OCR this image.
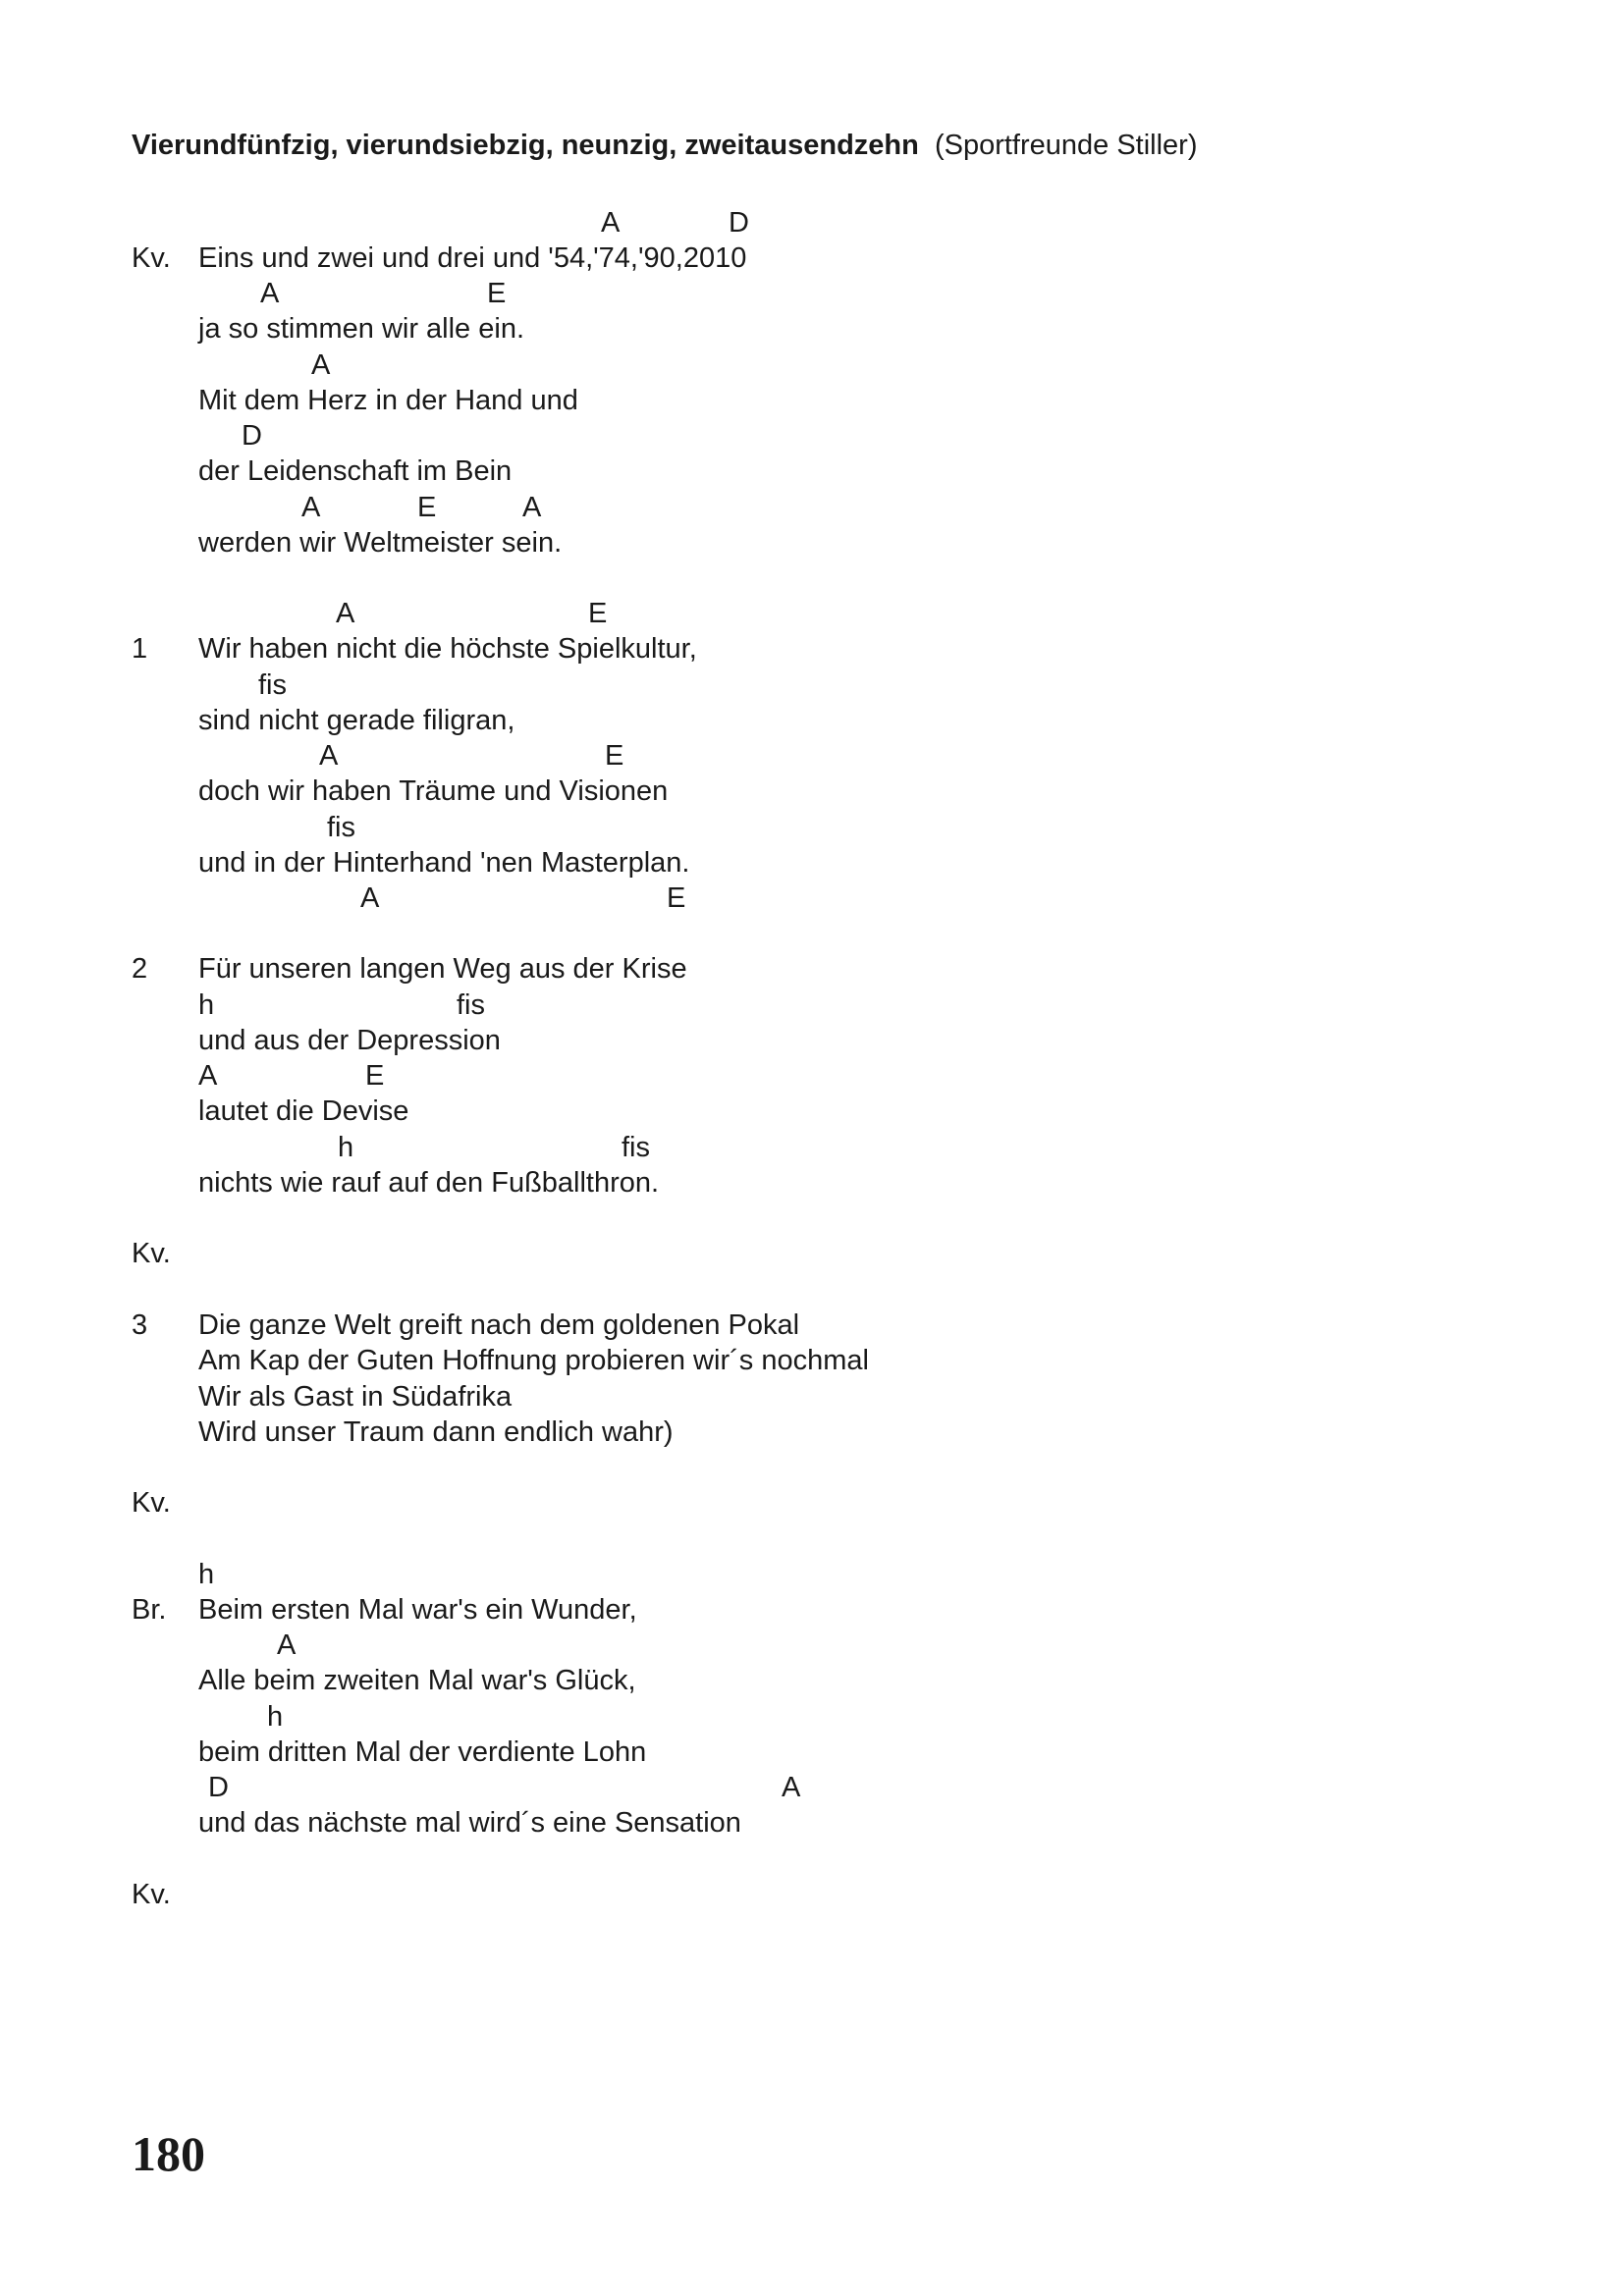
Vierundfünfzig, vierundsiebzig, neunzig, zweitausendzehn (Sportfreunde Stiller)
A	D
Kv. Eins und zwei und drei und '54,'74,'90,2010
A	E
ja so stimmen wir alle ein.
A
Mit dem Herz in der Hand und
D
der Leidenschaft im Bein
A	E	A
werden wir Weltmeister sein.
A	E
1 Wir haben nicht die höchste Spielkultur,
fis
sind nicht gerade filigran,
A	E
doch wir haben Träume und Visionen
fis
und in der Hinterhand 'nen Masterplan.
A	E
2 Für unseren langen Weg aus der Krise
h	fis
und aus der Depression
A	E
lautet die Devise
h	fis
nichts wie rauf auf den Fußballthron.
Kv.
3 Die ganze Welt greift nach dem goldenen Pokal
Am Kap der Guten Hoffnung probieren wir´s nochmal
Wir als Gast in Südafrika
Wird unser Traum dann endlich wahr)
Kv.
h
Br. Beim ersten Mal war's ein Wunder,
A
Alle beim zweiten Mal war's Glück,
h
beim dritten Mal der verdiente Lohn
D	A
und das nächste mal wird´s eine Sensation
Kv.
180
